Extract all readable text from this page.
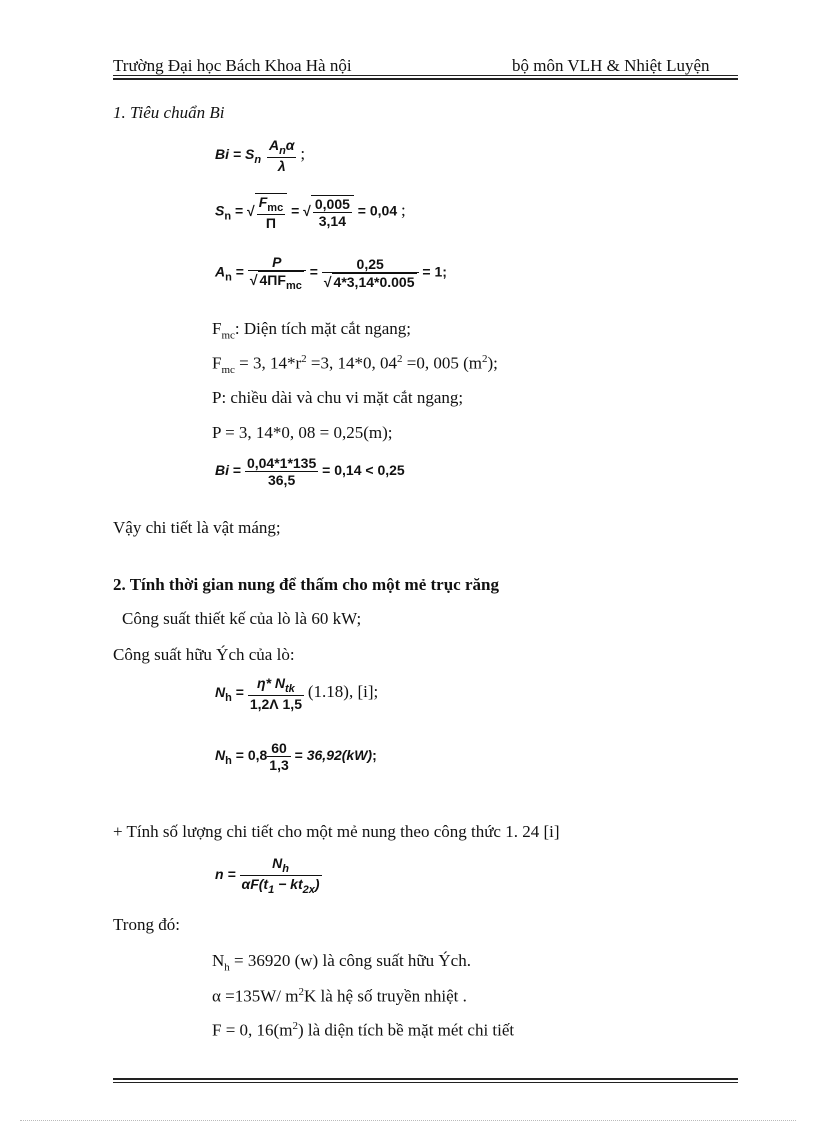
Trường Đại học Bách Khoa Hà nội	bộ môn VLH & Nhiệt Luyện
1. Tiêu chuẩn Bi
$Bi = S_n \frac{A_n\alpha}{\lambda}$ ;
$S_n$ = √ $\frac{F_{mc}}{\Pi}$ = √ $\frac{0,005}{3,14} = 0,04$ ;
$A_n = \frac{P}{√ 4\Pi F_{mc}} = \frac{0,25}{√ 4*3,14*0.005} = 1$;
$F_{mc}$: Diện tích mặt cắt ngang;
$F_{mc} = 3$, $14*r^2 =3$, 14*0, $04^2 =0$, 005 $(m^2)$;
P: chiều dài và chu vi mặt cắt ngang;
P = 3, 14*0, 08 = 0,25(m);
$Bi = \frac{0,04*1*135}{36,5} = 0,14 < 0,25$
Vậy chi tiết là vật máng;
2. Tính thời gian nung để thấm cho một mẻ trục răng
Công suất thiết kế của lò là 60 kW;
Công suất hữu Ých của lò:
$N_h = \frac{\eta* N_{tk}}{1,2\Lambda 1,5} (1.18)$, [i];
$N_h = 0,8 \frac{60}{1,3} = 36,92(kW)$;
+ Tính số lượng chi tiết cho một mẻ nung theo công thức 1. 24 [i]
$n = \frac{N_h}{\alpha F(t_1 - kt_{2x})}$
Trong đó:
$N_h = 36920$ (w) là công suất hữu Ých.
α =135W/ $m^2K$ là hệ số truyền nhiệt .
F = 0, $16(m^2)$ là diện tích bề mặt mét chi tiết
